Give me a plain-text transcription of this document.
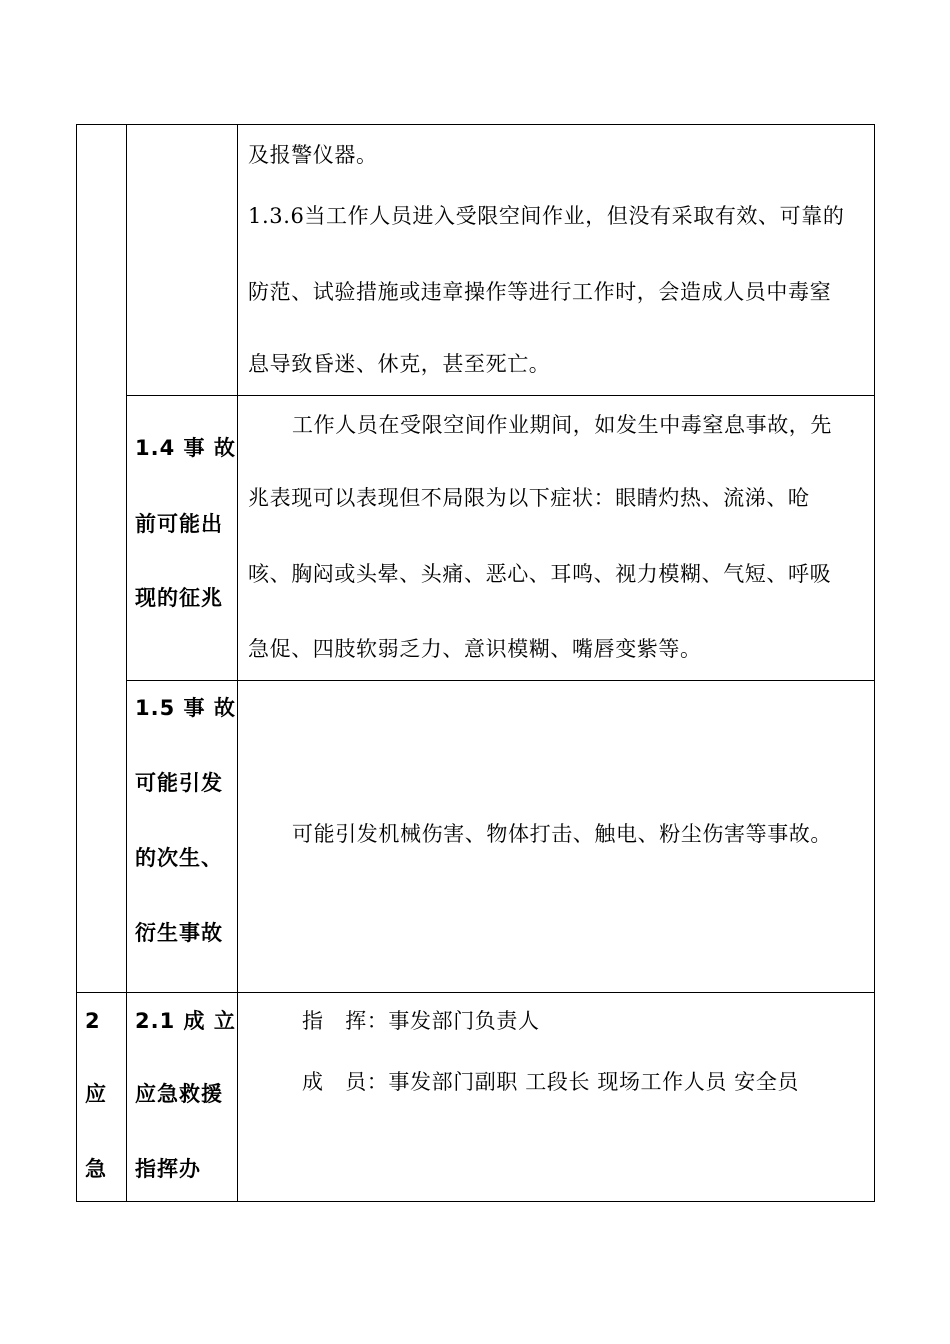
及报警仪器。
1.3.6当工作人员进入受限空间作业，但没有采取有效、可靠的
防范、试验措施或违章操作等进行工作时，会造成人员中毒窒
息导致昏迷、休克，甚至死亡。
1.4 事 故
前可能出
现的征兆
工作人员在受限空间作业期间，如发生中毒窒息事故，先
兆表现可以表现但不局限为以下症状：眼睛灼热、流涕、呛
咳、胸闷或头晕、头痛、恶心、耳鸣、视力模糊、气短、呼吸
急促、四肢软弱乏力、意识模糊、嘴唇变紫等。
1.5 事 故
可能引发
的次生、
衍生事故
可能引发机械伤害、物体打击、触电、粉尘伤害等事故。
2
应
急
2.1 成 立
应急救援
指挥办
指　挥：事发部门负责人
成　员：事发部门副职 工段长 现场工作人员 安全员
